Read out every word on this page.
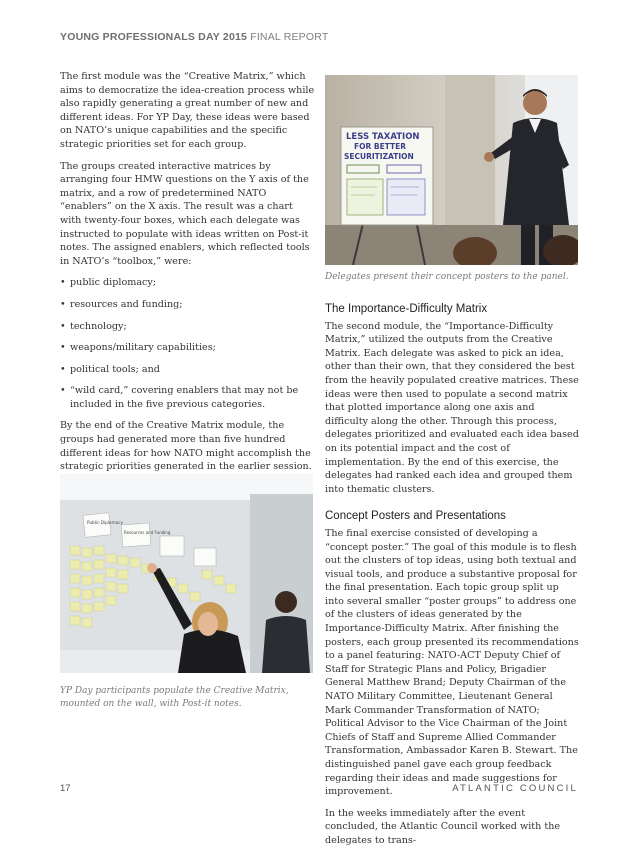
YOUNG PROFESSIONALS DAY 2015 FINAL REPORT

The first module was the “Creative Matrix,” which aims to democratize the idea-creation process while also rapidly generating a great number of new and different ideas. For YP Day, these ideas were based on NATO’s unique capabilities and the specific strategic priorities set for each group.

The groups created interactive matrices by arranging four HMW questions on the Y axis of the matrix, and a row of predetermined NATO “enablers” on the X axis. The result was a chart with twenty-four boxes, which each delegate was instructed to populate with ideas written on Post-it notes. The assigned enablers, which reflected tools in NATO’s “toolbox,” were:

• public diplomacy;
• resources and funding;
• technology;
• weapons/military capabilities;
• political tools; and
• “wild card,” covering enablers that may not be included in the five previous categories.

By the end of the Creative Matrix module, the groups had generated more than five hundred different ideas for how NATO might accomplish the strategic priorities generated in the earlier session.

LESS TAXATION
FOR BETTER
SECURITIZATION
Delegates present their concept posters to the panel.
Public Diplomacy
Resources and Funding
YP Day participants populate the Creative Matrix, mounted on the wall, with Post-it notes.
The Importance-Difficulty Matrix

The second module, the “Importance-Difficulty Matrix,” utilized the outputs from the Creative Matrix. Each delegate was asked to pick an idea, other than their own, that they considered the best from the heavily populated creative matrices. These ideas were then used to populate a second matrix that plotted importance along one axis and difficulty along the other. Through this process, delegates prioritized and evaluated each idea based on its potential impact and the cost of implementation. By the end of this exercise, the delegates had ranked each idea and grouped them into thematic clusters.

Concept Posters and Presentations

The final exercise consisted of developing a “concept poster.” The goal of this module is to flesh out the clusters of top ideas, using both textual and visual tools, and produce a substantive proposal for the final presentation. Each topic group split up into several smaller “poster groups” to address one of the clusters of ideas generated by the Importance-Difficulty Matrix. After finishing the posters, each group presented its recommendations to a panel featuring: NATO-ACT Deputy Chief of Staff for Strategic Plans and Policy, Brigadier General Matthew Brand; Deputy Chairman of the NATO Military Committee, Lieutenant General Mark Commander Transformation of NATO; Political Advisor to the Vice Chairman of the Joint Chiefs of Staff and Supreme Allied Commander Transformation, Ambassador Karen B. Stewart. The distinguished panel gave each group feedback regarding their ideas and made suggestions for improvement.

In the weeks immediately after the event concluded, the Atlantic Council worked with the delegates to trans-

17	ATLANTIC COUNCIL
